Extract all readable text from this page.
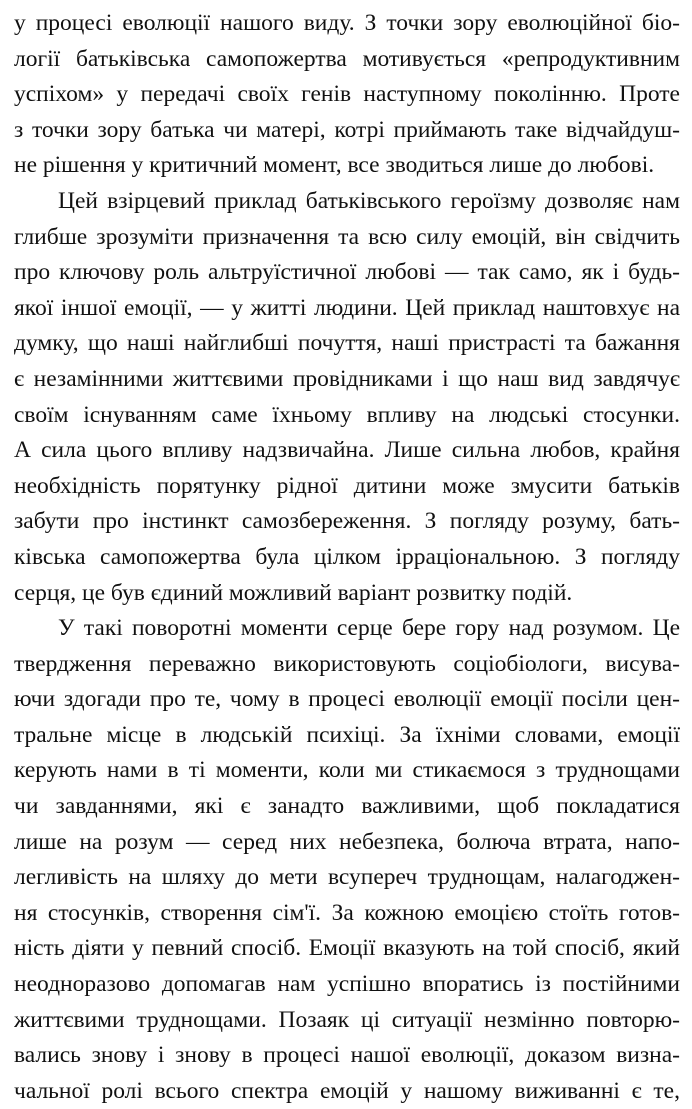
у процесі еволюції нашого виду. З точки зору еволюційної біо-
логії батьківська самопожертва мотивується «репродуктивним
успіхом» у передачі своїх генів наступному поколінню. Проте
з точки зору батька чи матері, котрі приймають таке відчайдуш-
не рішення у критичний момент, все зводиться лише до любові.
Цей взірцевий приклад батьківського героїзму дозволяє нам
глибше зрозуміти призначення та всю силу емоцій, він свідчить
про ключову роль альтруїстичної любові — так само, як і будь-
якої іншої емоції, — у житті людини. Цей приклад наштовхує на
думку, що наші найглибші почуття, наші пристрасті та бажання
є незамінними життєвими провідниками і що наш вид завдячує
своїм існуванням саме їхньому впливу на людські стосунки.
А сила цього впливу надзвичайна. Лише сильна любов, крайня
необхідність порятунку рідної дитини може змусити батьків
забути про інстинкт самозбереження. З погляду розуму, бать-
ківська самопожертва була цілком ірраціональною. З погляду
серця, це був єдиний можливий варіант розвитку подій.
У такі поворотні моменти серце бере гору над розумом. Це
твердження переважно використовують соціобіологи, висува-
ючи здогади про те, чому в процесі еволюції емоції посіли цен-
тральне місце в людській психіці. За їхніми словами, емоції
керують нами в ті моменти, коли ми стикаємося з труднощами
чи завданнями, які є занадто важливими, щоб покладатися
лише на розум — серед них небезпека, болюча втрата, напо-
легливість на шляху до мети всупереч труднощам, налагоджен-
ня стосунків, створення сім'ї. За кожною емоцією стоїть готов-
ність діяти у певний спосіб. Емоції вказують на той спосіб, який
неодноразово допомагав нам успішно впоратись із постійними
життєвими труднощами. Позаяк ці ситуації незмінно повторю-
вались знову і знову в процесі нашої еволюції, доказом визна-
чальної ролі всього спектра емоцій у нашому виживанні є те,
